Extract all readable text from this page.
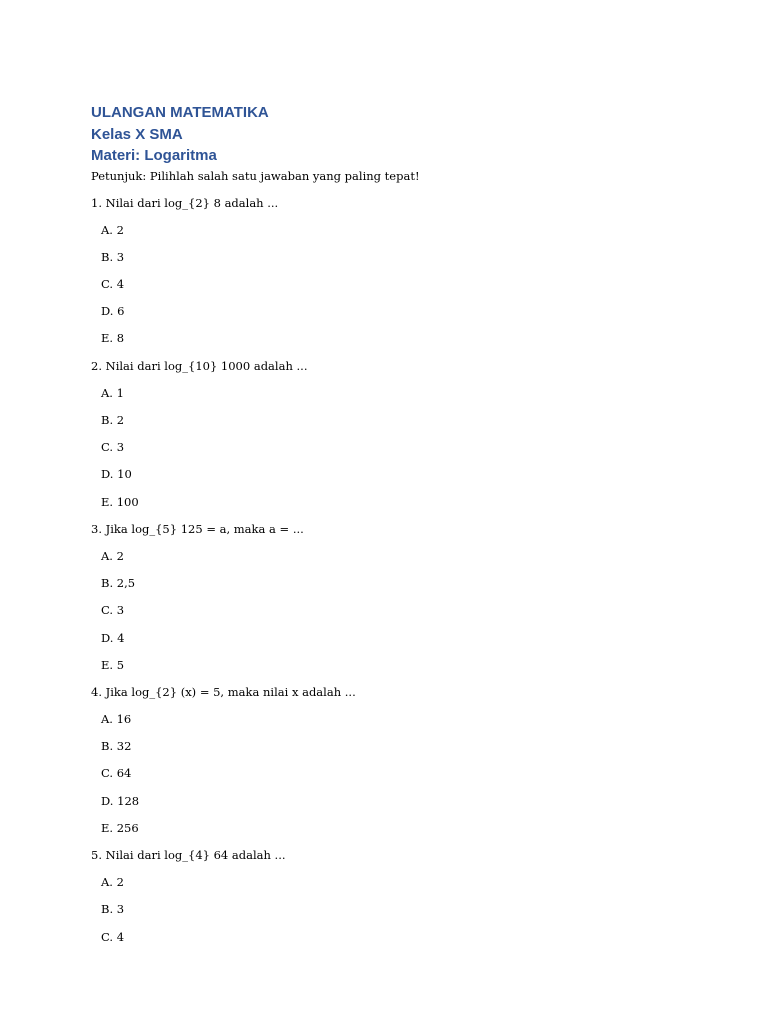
ULANGAN MATEMATIKA
Kelas X SMA
Materi: Logaritma

Petunjuk: Pilihlah salah satu jawaban yang paling tepat!

1. Nilai dari log_{2} 8 adalah ...
A. 2
B. 3
C. 4
D. 6
E. 8
2. Nilai dari log_{10} 1000 adalah ...
A. 1
B. 2
C. 3
D. 10
E. 100
3. Jika log_{5} 125 = a, maka a = ...
A. 2
B. 2,5
C. 3
D. 4
E. 5
4. Jika log_{2} (x) = 5, maka nilai x adalah ...
A. 16
B. 32
C. 64
D. 128
E. 256
5. Nilai dari log_{4} 64 adalah ...
A. 2
B. 3
C. 4
